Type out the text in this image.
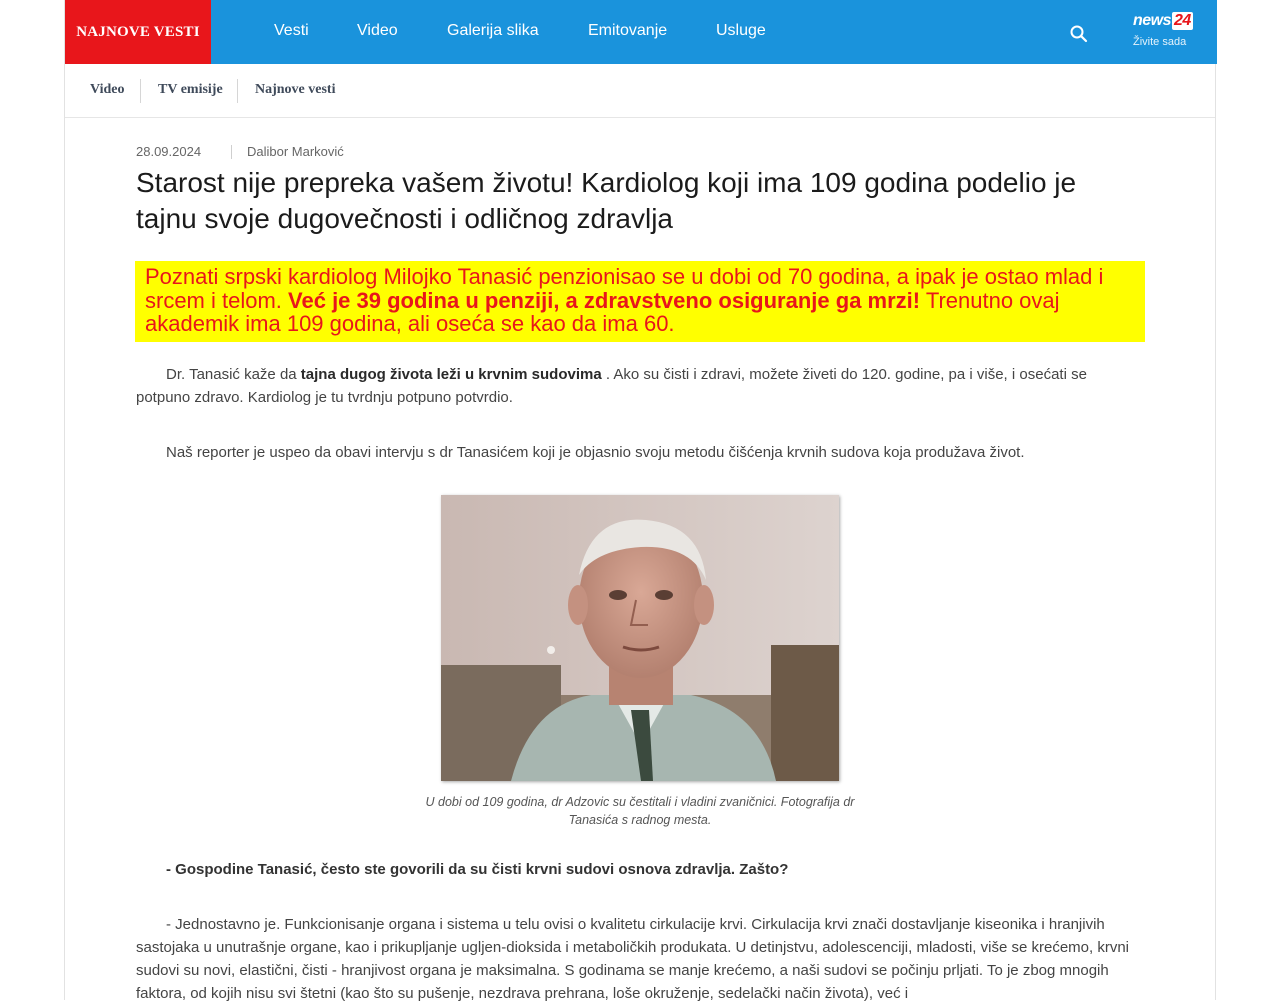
NAJNOVE VESTI	Vesti	Video	Galerija slika	Emitovanje	Usluge
news 24
Živite sada
Video TV emisije Najnove vesti
28.09.2024	Dalibor Marković
Starost nije prepreka vašem životu! Kardiolog koji ima 109 godina podelio je tajnu svoje dugovečnosti i odličnog zdravlja
Poznati srpski kardiolog Milojko Tanasić penzionisao se u dobi od 70 godina, a ipak je ostao mlad i srcem i telom. Već je 39 godina u penziji, a zdravstveno osiguranje ga mrzi! Trenutno ovaj akademik ima 109 godina, ali oseća se kao da ima 60.

Dr. Tanasić kaže da tajna dugog života leži u krvnim sudovima . Ako su čisti i zdravi, možete živeti do 120. godine, pa i više, i osećati se potpuno zdravo. Kardiolog je tu tvrdnju potpuno potvrdio.

Naš reporter je uspeo da obavi intervju s dr Tanasićem koji je objasnio svoju metodu čišćenja krvnih sudova koja produžava život.

U dobi od 109 godina, dr Adzovic su čestitali i vladini zvaničnici. Fotografija dr Tanasića s radnog mesta.

- Gospodine Tanasić, često ste govorili da su čisti krvni sudovi osnova zdravlja. Zašto?

- Jednostavno je. Funkcionisanje organa i sistema u telu ovisi o kvalitetu cirkulacije krvi. Cirkulacija krvi znači dostavljanje kiseonika i hranjivih sastojaka u unutrašnje organe, kao i prikupljanje ugljen-dioksida i metaboličkih produkata. U detinjstvu, adolescenciji, mladosti, više se krećemo, krvni sudovi su novi, elastični, čisti - hranjivost organa je maksimalna. S godinama se manje krećemo, a naši sudovi se počinju prljati. To je zbog mnogih faktora, od kojih nisu svi štetni (kao što su pušenje, nezdrava prehrana, loše okruženje, sedelački način života), već i
